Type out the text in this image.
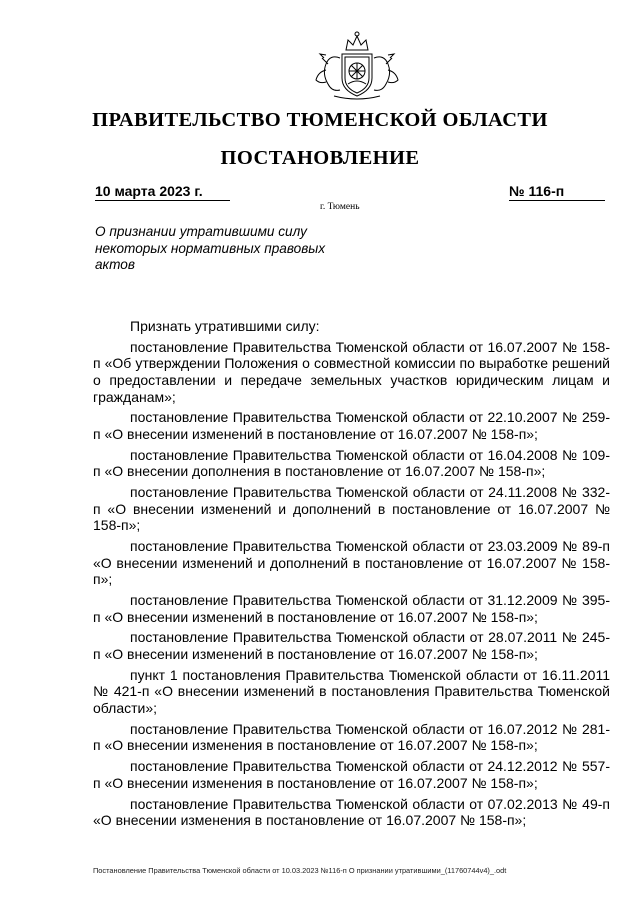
ПРАВИТЕЛЬСТВО ТЮМЕНСКОЙ ОБЛАСТИ
ПОСТАНОВЛЕНИЕ
10 марта 2023 г.	№ 116-п
г. Тюмень
О признании утратившими силу некоторых нормативных правовых актов

Признать утратившими силу:

постановление Правительства Тюменской области от 16.07.2007 № 158-п «Об утверждении Положения о совместной комиссии по выработке решений о предоставлении и передаче земельных участков юридическим лицам и гражданам»;

постановление Правительства Тюменской области от 22.10.2007 № 259-п «О внесении изменений в постановление от 16.07.2007 № 158-п»;

постановление Правительства Тюменской области от 16.04.2008 № 109-п «О внесении дополнения в постановление от 16.07.2007 № 158-п»;

постановление Правительства Тюменской области от 24.11.2008 № 332-п «О внесении изменений и дополнений в постановление от 16.07.2007 № 158-п»;

постановление Правительства Тюменской области от 23.03.2009 № 89-п «О внесении изменений и дополнений в постановление от 16.07.2007 № 158-п»;

постановление Правительства Тюменской области от 31.12.2009 № 395-п «О внесении изменений в постановление от 16.07.2007 № 158-п»;

постановление Правительства Тюменской области от 28.07.2011 № 245-п «О внесении изменений в постановление от 16.07.2007 № 158-п»;

пункт 1 постановления Правительства Тюменской области от 16.11.2011 № 421-п «О внесении изменений в постановления Правительства Тюменской области»;

постановление Правительства Тюменской области от 16.07.2012 № 281-п «О внесении изменения в постановление от 16.07.2007 № 158-п»;

постановление Правительства Тюменской области от 24.12.2012 № 557-п «О внесении изменения в постановление от 16.07.2007 № 158-п»;

постановление Правительства Тюменской области от 07.02.2013 № 49-п «О внесении изменения в постановление от 16.07.2007 № 158-п»;

Постановление Правительства Тюменской области от 10.03.2023 №116-п О признании утратившими_(11760744v4)_.odt
